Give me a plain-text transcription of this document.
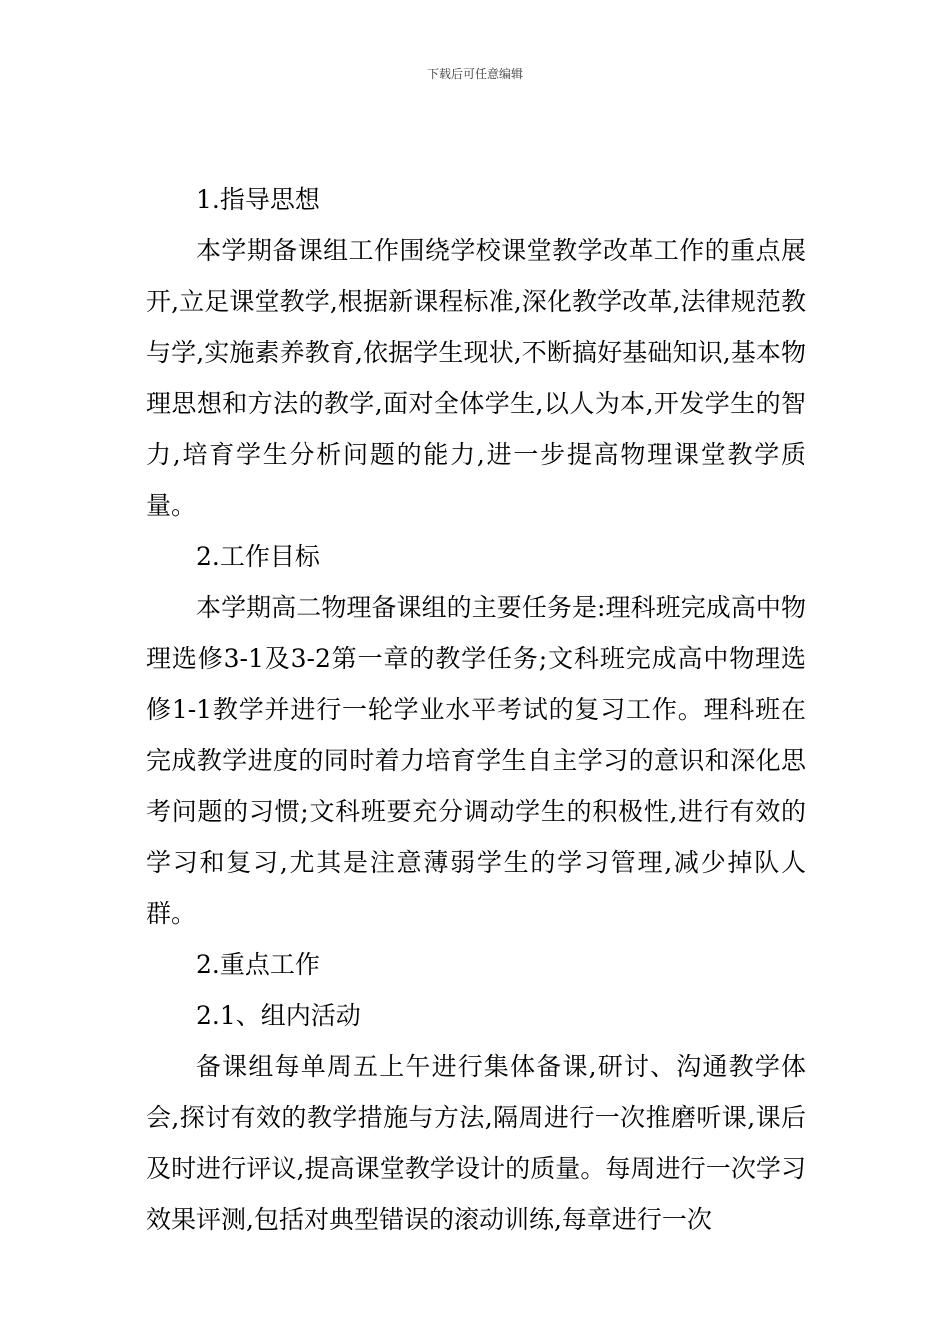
下载后可任意编辑

1.指导思想

本学期备课组工作围绕学校课堂教学改革工作的重点展开,立足课堂教学,根据新课程标准,深化教学改革,法律规范教与学,实施素养教育,依据学生现状,不断搞好基础知识,基本物理思想和方法的教学,面对全体学生,以人为本,开发学生的智力,培育学生分析问题的能力,进一步提高物理课堂教学质量。

2.工作目标

本学期高二物理备课组的主要任务是:理科班完成高中物理选修3-1及3-2第一章的教学任务;文科班完成高中物理选修1-1教学并进行一轮学业水平考试的复习工作。理科班在完成教学进度的同时着力培育学生自主学习的意识和深化思考问题的习惯;文科班要充分调动学生的积极性,进行有效的学习和复习,尤其是注意薄弱学生的学习管理,减少掉队人群。

2.重点工作

2.1、组内活动

备课组每单周五上午进行集体备课,研讨、沟通教学体会,探讨有效的教学措施与方法,隔周进行一次推磨听课,课后及时进行评议,提高课堂教学设计的质量。每周进行一次学习效果评测,包括对典型错误的滚动训练,每章进行一次
